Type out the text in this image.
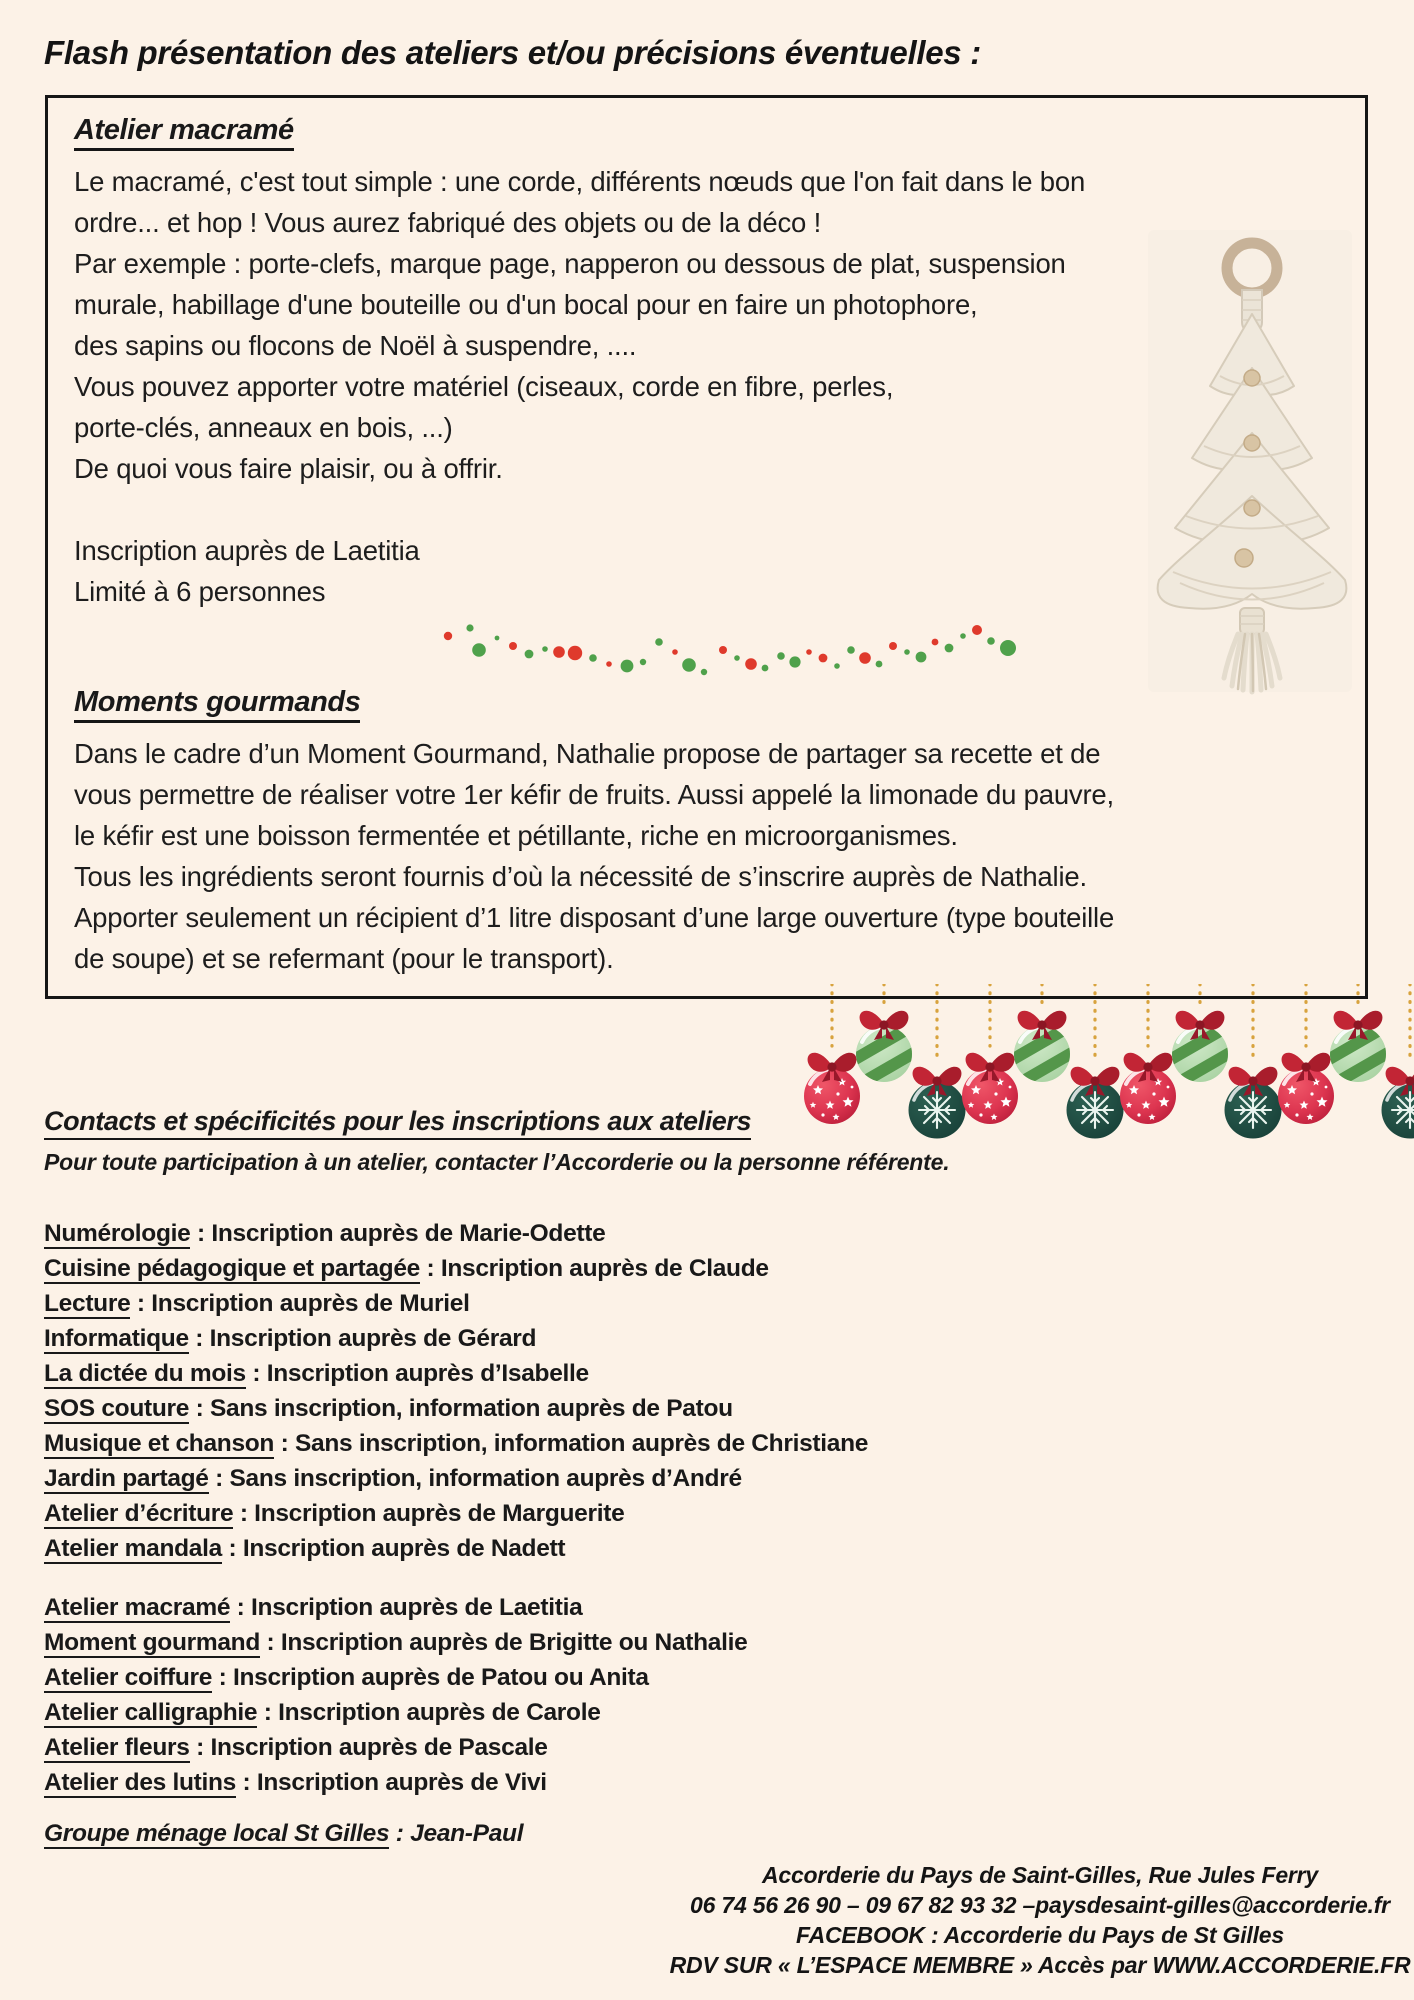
Flash présentation des ateliers et/ou précisions éventuelles :
Atelier macramé
Le macramé, c'est tout simple : une corde, différents nœuds que l'on fait dans le bon
ordre... et hop ! Vous aurez fabriqué des objets ou de la déco !
Par exemple : porte-clefs, marque page, napperon ou dessous de plat, suspension
murale, habillage d'une bouteille ou d'un bocal pour en faire un photophore,
des sapins ou flocons de Noël à suspendre, ....
Vous pouvez apporter votre matériel (ciseaux, corde en fibre, perles,
porte-clés, anneaux en bois, ...)
De quoi vous faire plaisir, ou à offrir.
Inscription auprès de Laetitia
Limité à 6 personnes
Moments gourmands
Dans le cadre d’un Moment Gourmand, Nathalie propose de partager sa recette et de
vous permettre de réaliser votre 1er kéfir de fruits. Aussi appelé la limonade du pauvre,
le kéfir est une boisson fermentée et pétillante, riche en microorganismes.
Tous les ingrédients seront fournis d’où la nécessité de s’inscrire auprès de Nathalie.
Apporter seulement un récipient d’1 litre disposant d’une large ouverture (type bouteille
de soupe) et se refermant (pour le transport).
Contacts et spécificités pour les inscriptions aux ateliers

Pour toute participation à un atelier, contacter l’Accorderie ou la personne référente.

Numérologie : Inscription auprès de Marie-Odette
Cuisine pédagogique et partagée : Inscription auprès de Claude
Lecture : Inscription auprès de Muriel
Informatique : Inscription auprès de Gérard
La dictée du mois : Inscription auprès d’Isabelle
SOS couture : Sans inscription, information auprès de Patou
Musique et chanson : Sans inscription, information auprès de Christiane
Jardin partagé : Sans inscription, information auprès d’André
Atelier d’écriture : Inscription auprès de Marguerite
Atelier mandala : Inscription auprès de Nadett
Atelier macramé : Inscription auprès de Laetitia
Moment gourmand : Inscription auprès de Brigitte ou Nathalie
Atelier coiffure : Inscription auprès de Patou ou Anita
Atelier calligraphie : Inscription auprès de Carole
Atelier fleurs : Inscription auprès de Pascale
Atelier des lutins : Inscription auprès de Vivi
Groupe ménage local St Gilles : Jean-Paul
Accorderie du Pays de Saint-Gilles, Rue Jules Ferry
06 74 56 26 90 – 09 67 82 93 32 –paysdesaint-gilles@accorderie.fr
FACEBOOK : Accorderie du Pays de St Gilles
RDV SUR « L’ESPACE MEMBRE » Accès par WWW.ACCORDERIE.FR
